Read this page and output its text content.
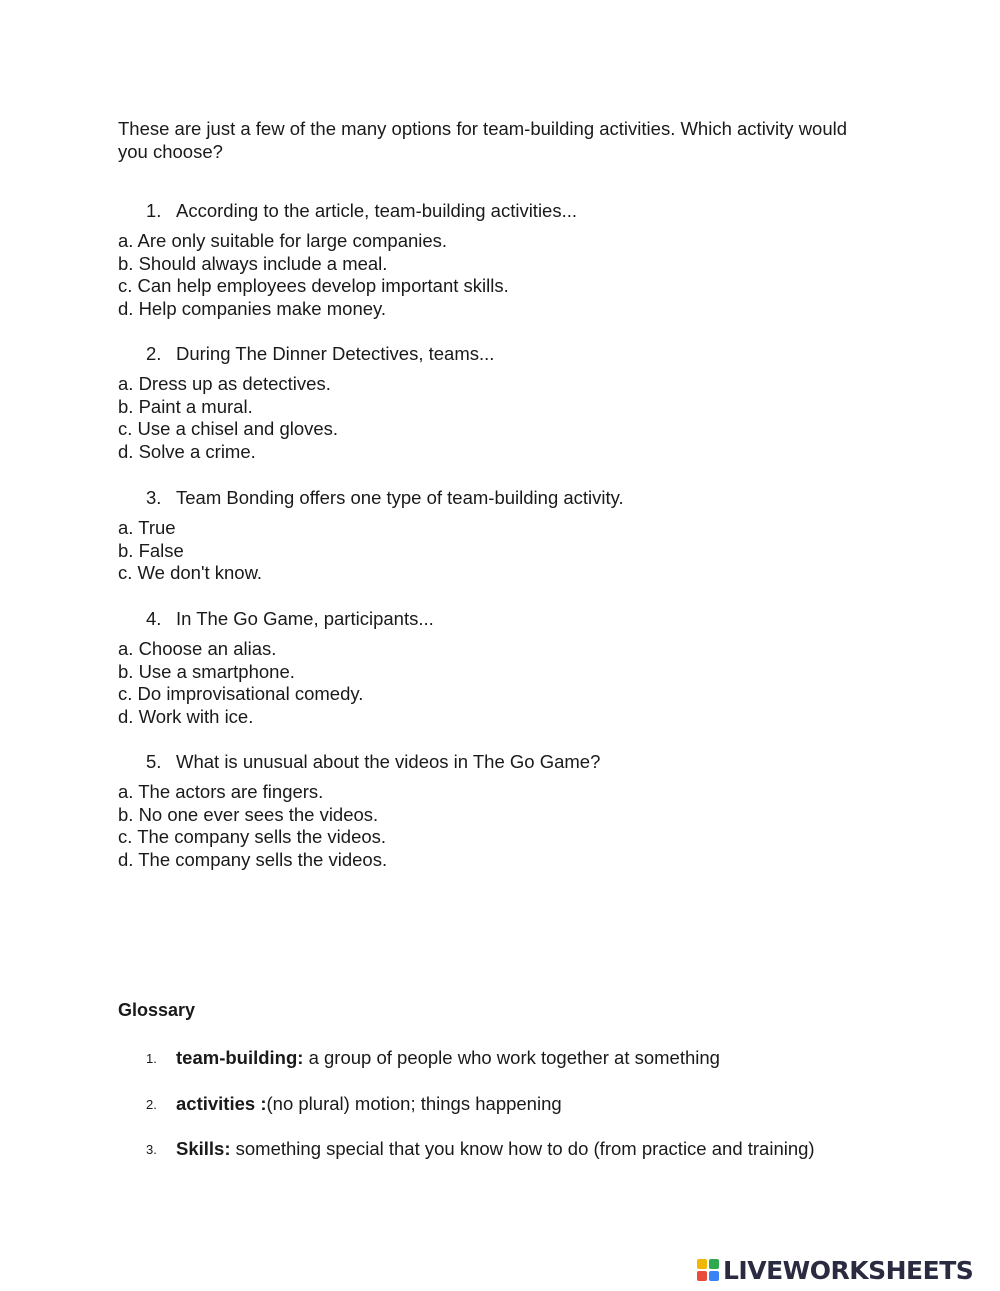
These are just a few of the many options for team-building activities. Which activity would you choose?
1. According to the article, team-building activities...
a. Are only suitable for large companies.
b. Should always include a meal.
c. Can help employees develop important skills.
d. Help companies make money.
2. During The Dinner Detectives, teams...
a. Dress up as detectives.
b. Paint a mural.
c. Use a chisel and gloves.
d. Solve a crime.
3. Team Bonding offers one type of team-building activity.
a. True
b. False
c. We don't know.
4. In The Go Game, participants...
a. Choose an alias.
b. Use a smartphone.
c. Do improvisational comedy.
d. Work with ice.
5. What is unusual about the videos in The Go Game?
a. The actors are fingers.
b. No one ever sees the videos.
c. The company sells the videos.
d. The company sells the videos.
Glossary
1. team-building: a group of people who work together at something
2. activities :(no plural) motion; things happening
3. Skills: something special that you know how to do (from practice and training)
LIVEWORKSHEETS
